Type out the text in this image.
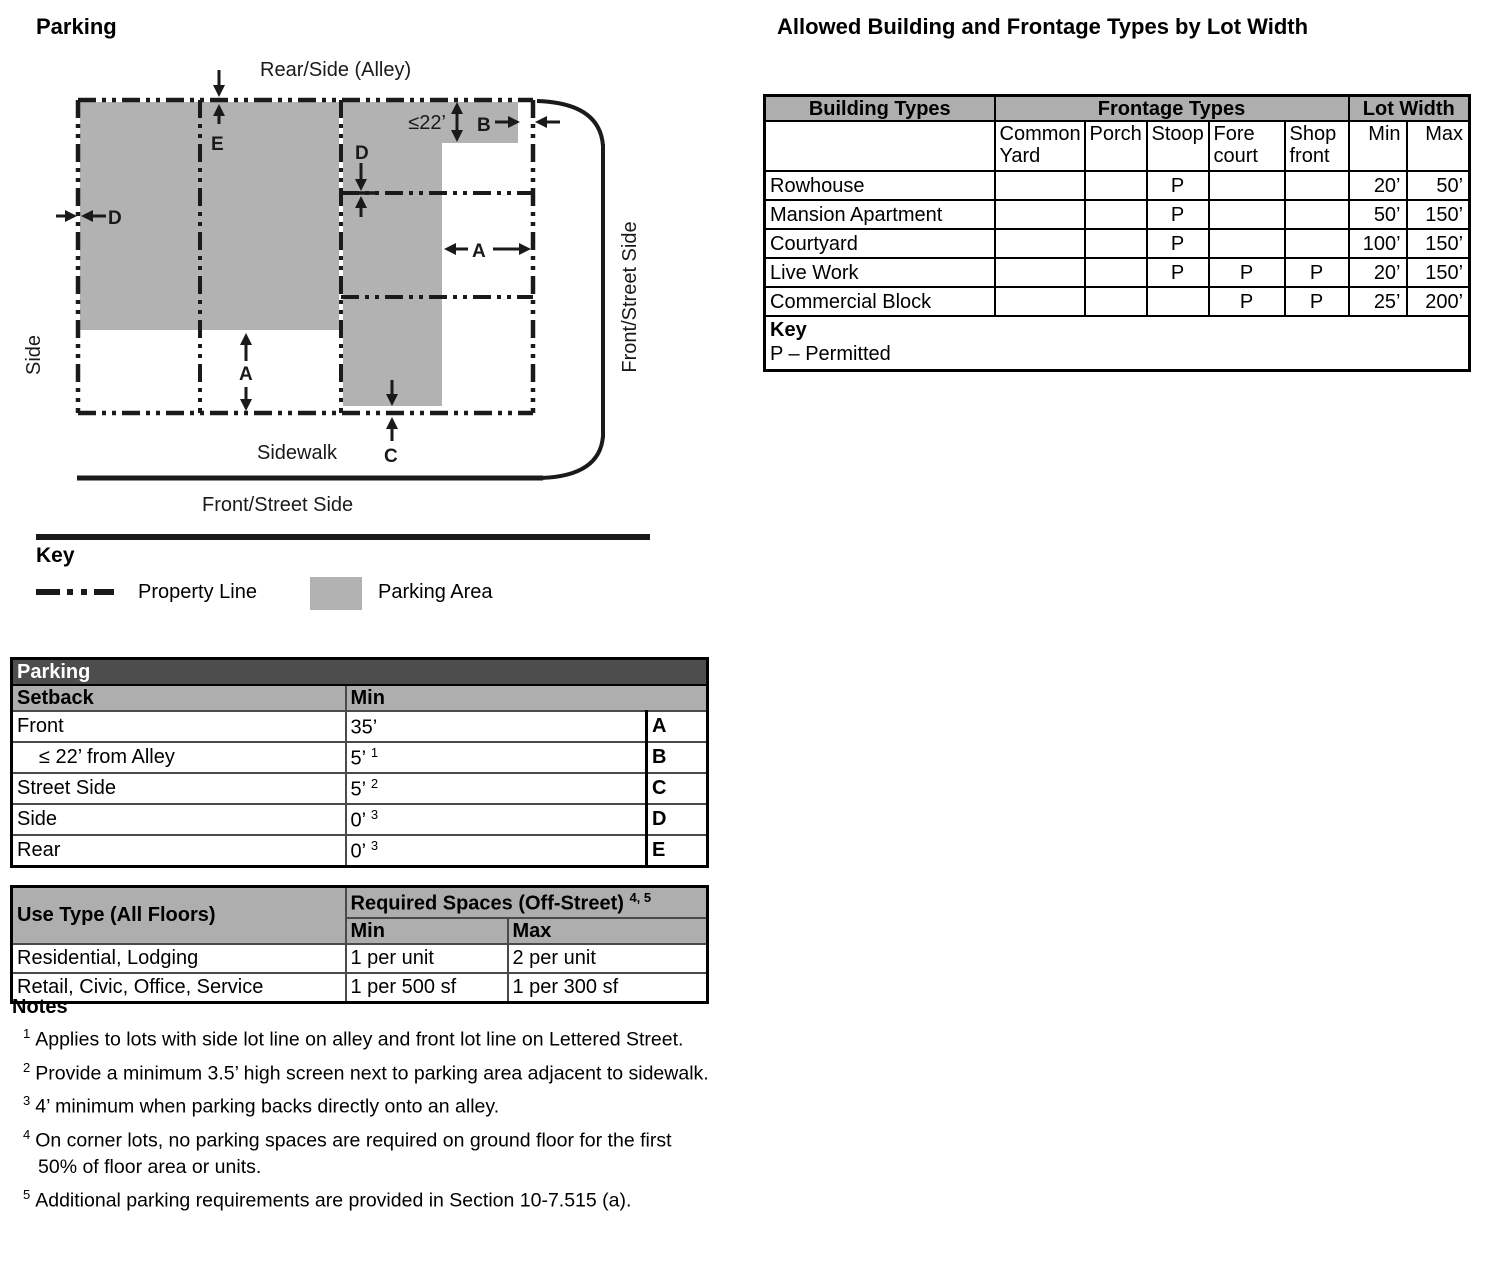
Parking	Allowed Building and Frontage Types by Lot Width
E
D
D
≤22’ B
A
A
C
Rear/Side (Alley)
Side	Front/Street Side
Sidewalk
Front/Street Side
Key
Property Line	Parking Area
Building Types	Frontage Types					Lot Width	
	Common Yard	Porch	Stoop	Fore court	Shop front	Min	Max
Rowhouse			P			20’	50’
Mansion Apartment			P			50’	150’
Courtyard			P			100’	150’
Live Work			P	P	P	20’	150’
Commercial Block				P	P	25’	200’

Key
P – Permitted							
Parking		
Setback	Min	
Front	35’	A
≤ 22’ from Alley	5’ $^1$	B
Street Side	5’ $^2$	C
Side	0’ $^3$	D
Rear	0’ $^3$	E
Use Type (All Floors)	Required Spaces (Off-Street) $^{4, 5}$
	Min	Max
Residential, Lodging	1 per unit	2 per unit
Retail, Civic, Office, Service	1 per 500 sf	1 per 300 sf
Notes
$^1$ Applies to lots with side lot line on alley and front lot line on Lettered Street.
$^2$ Provide a minimum 3.5’ high screen next to parking area adjacent to sidewalk.
$^3$ 4’ minimum when parking backs directly onto an alley.
$^4$ On corner lots, no parking spaces are required on ground floor for the first 50% of floor area or units.
$^5$ Additional parking requirements are provided in Section 10-7.515 (a).
